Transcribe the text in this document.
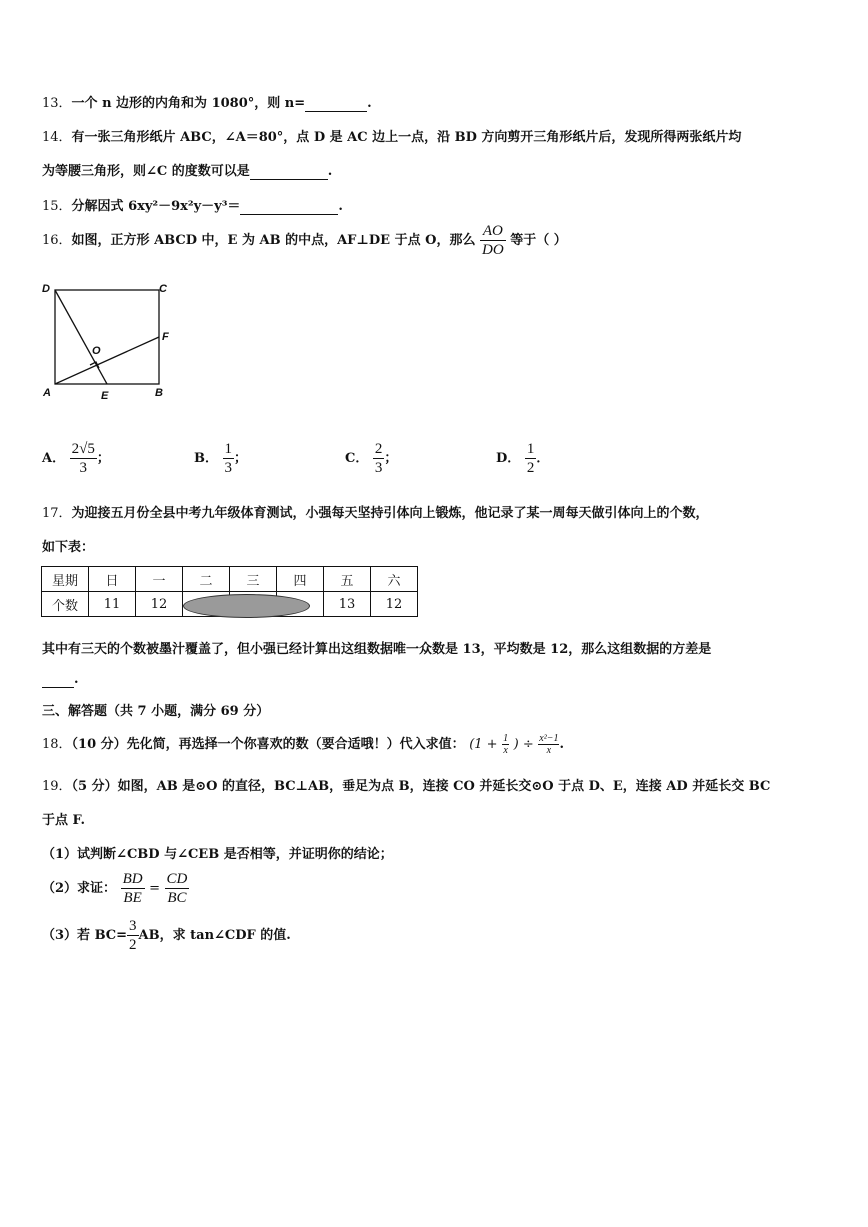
13．一个 n 边形的内角和为 1080°，则 n=	.
14．有一张三角形纸片 ABC，∠A＝80°，点 D 是 AC 边上一点，沿 BD 方向剪开三角形纸片后，发现所得两张纸片均
为等腰三角形，则∠C 的度数可以是	.
15．分解因式 6xy²－9x²y－y³＝	.
16．如图，正方形 ABCD 中，E 为 AB 的中点，AF⊥DE 于点 O，那么 $\frac{AO}{DO}$ 等于（ ）
D	C
F
O
A	E	B
A． $\frac{2√5}{3}$ ；	B． $\frac{1}{3}$ ；	C． $\frac{2}{3}$ ；	D． $\frac{1}{2}$ ．
17．为迎接五月份全县中考九年级体育测试，小强每天坚持引体向上锻炼，他记录了某一周每天做引体向上的个数，
如下表：
星期	日	一	二	三	四	五	六
个数	11	12				13	12
其中有三天的个数被墨汁覆盖了，但小强已经计算出这组数据唯一众数是 13，平均数是 12，那么这组数据的方差是
.
三、解答题（共 7 小题，满分 69 分）
18．（10 分）先化简，再选择一个你喜欢的数（要合适哦！）代入求值： ($1 + \frac{1}{x}$ ) ÷ $\frac{\text{x²−1}}{x}$ .
19．（5 分）如图，AB 是⊙O 的直径，BC⊥AB，垂足为点 B，连接 CO 并延长交⊙O 于点 D、E，连接 AD 并延长交 BC
于点 F.
（1）试判断∠CBD 与∠CEB 是否相等，并证明你的结论；
（2）求证： $\frac{BD}{BE} = \frac{CD}{BC}$
（3）若 $BC= \frac{3}{2}$ AB，求 tan∠CDF 的值.
